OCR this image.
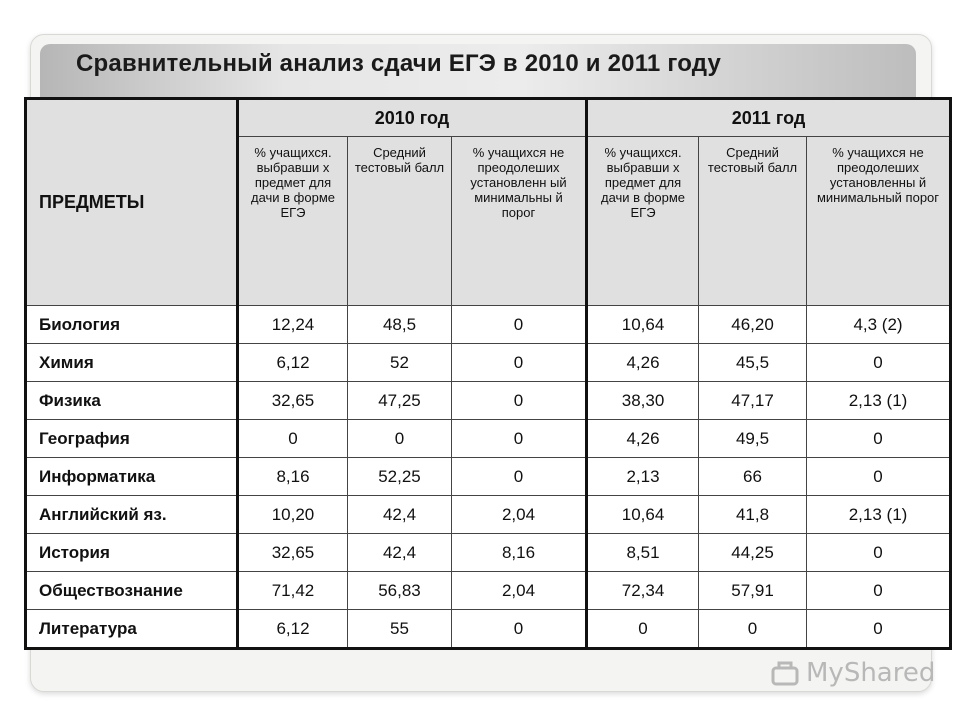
Сравнительный анализ сдачи ЕГЭ в 2010 и 2011 году
ПРЕДМЕТЫ	2010 год			2011 год		
	% учащихся. выбравши х предмет для дачи в форме ЕГЭ	Средний тестовый балл	% учащихся не преодолеших установленн ый минимальны й порог	% учащихся. выбравши х предмет для дачи в форме ЕГЭ	Средний тестовый балл	% учащихся не преодолеших установленны й минимальный порог
Биология	12,24	48,5	0	10,64	46,20	4,3 (2)
Химия	6,12	52	0	4,26	45,5	0
Физика	32,65	47,25	0	38,30	47,17	2,13 (1)
География	0	0	0	4,26	49,5	0
Информатика	8,16	52,25	0	2,13	66	0
Английский яз.	10,20	42,4	2,04	10,64	41,8	2,13 (1)
История	32,65	42,4	8,16	8,51	44,25	0
Обществознание	71,42	56,83	2,04	72,34	57,91	0
Литература	6,12	55	0	0	0	0
MyShared
